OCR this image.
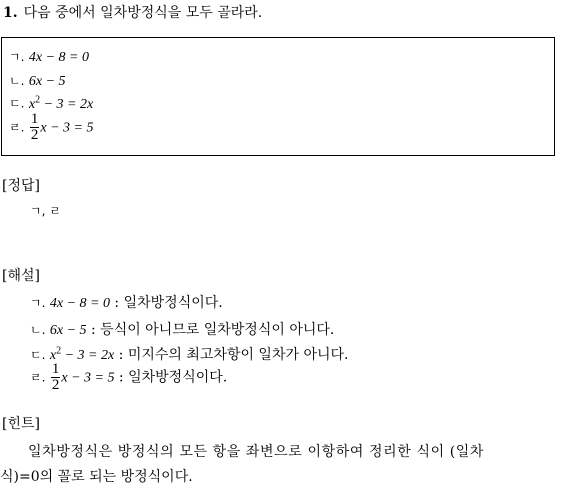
1. 다음 중에서 일차방정식을 모두 골라라.
ㄱ. 4x − 8 = 0
ㄴ. 6x − 5
ㄷ. $x^2 - 3 = 2x$
ㄹ. $\frac{1}{2}$ x − 3 = 5
[정답]
ㄱ, ㄹ
[해설]
ㄱ. 4x − 8 = 0 : 일차방정식이다.
ㄴ. 6x − 5 : 등식이 아니므로 일차방정식이 아니다.
ㄷ. $x^2 - 3 = 2x$ : 미지수의 최고차항이 일차가 아니다.
ㄹ. $\frac{1}{2}$ x − 3 = 5 : 일차방정식이다.
[힌트]
일차방정식은 방정식의 모든 항을 좌변으로 이항하여 정리한 식이 (일차
식)=0의 꼴로 되는 방정식이다.
